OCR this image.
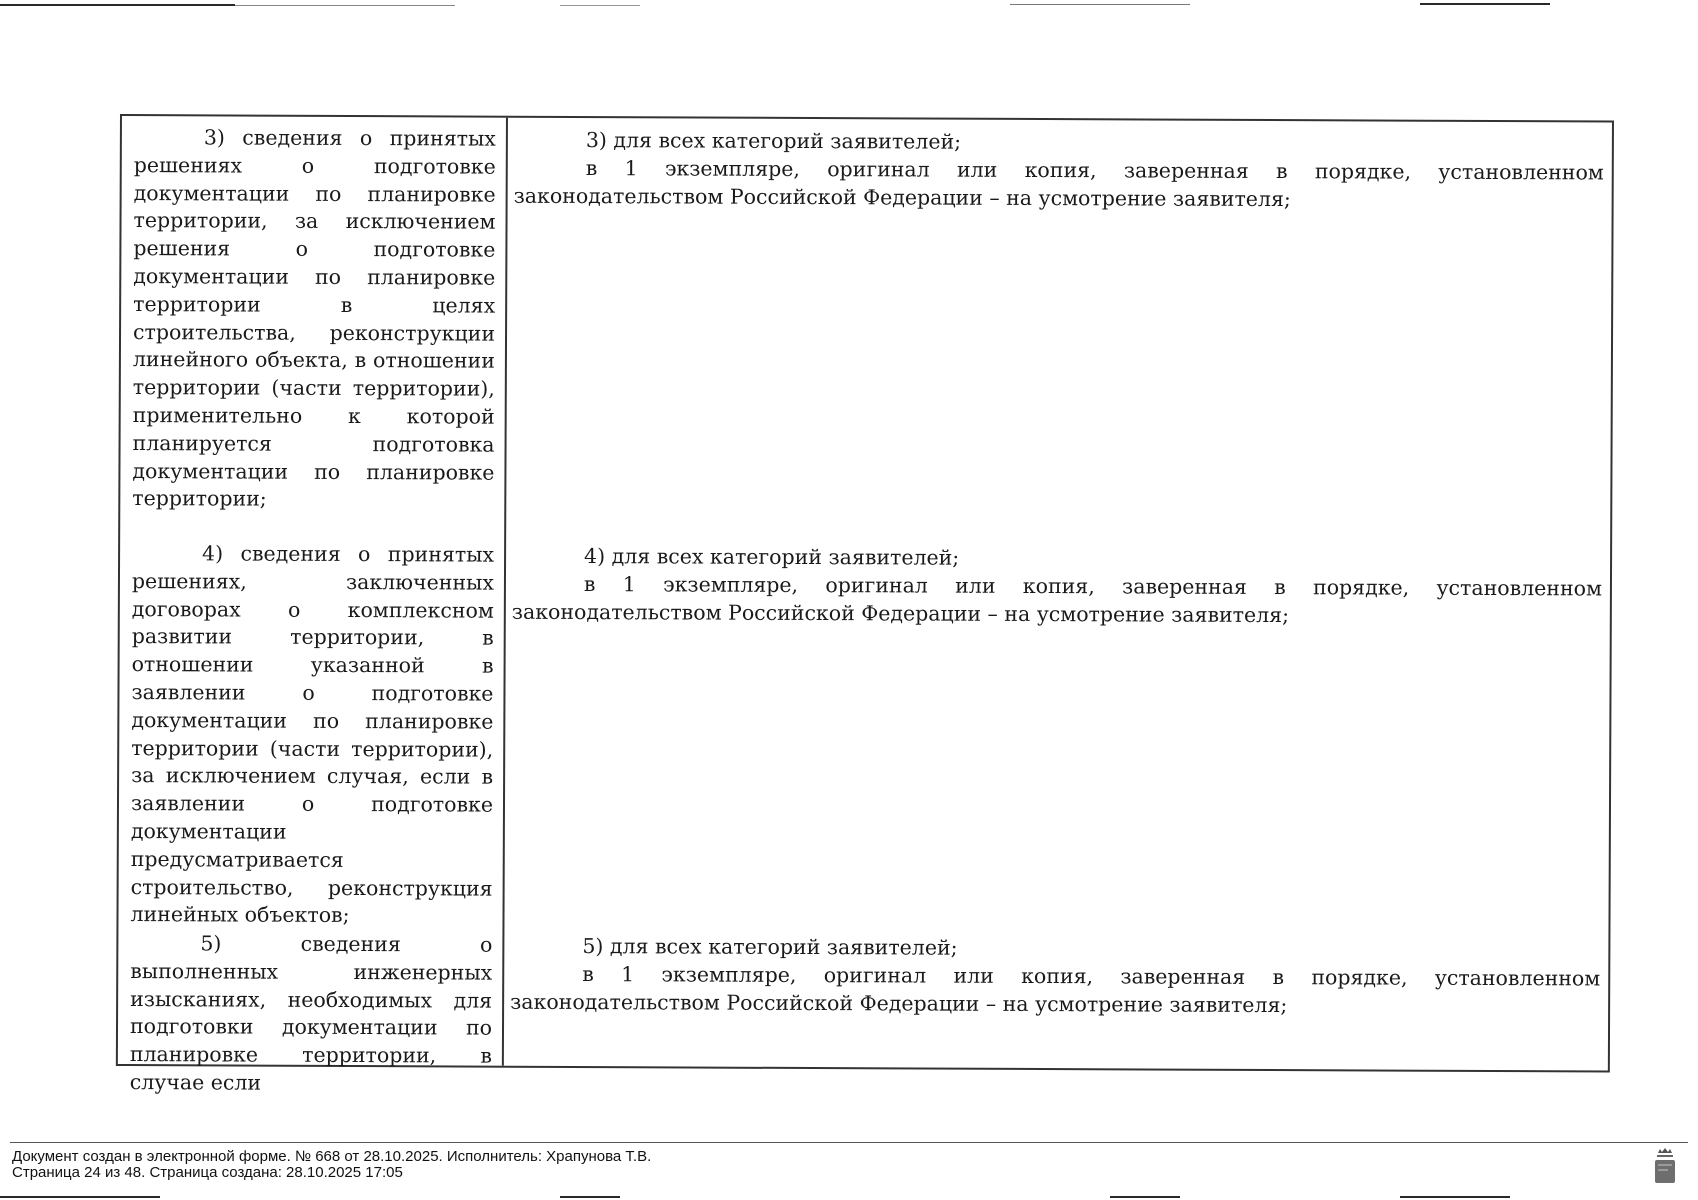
3) сведения о принятых решениях о подготовке документации по планировке территории, за исключением решения о подготовке документации по планировке территории в целях строительства, реконструкции линейного объекта, в отношении территории (части территории), применительно к которой планируется подготовка документации по планировке территории;

3) для всех категорий заявителей;

в 1 экземпляре, оригинал или копия, заверенная в порядке, установленном законодательством Российской Федерации – на усмотрение заявителя;

4) сведения о принятых решениях, заключенных договорах о комплексном развитии территории, в отношении указанной в заявлении о подготовке документации по планировке территории (части территории), за исключением случая, если в заявлении о подготовке документации предусматривается строительство, реконструкция линейных объектов;

4) для всех категорий заявителей;

в 1 экземпляре, оригинал или копия, заверенная в порядке, установленном законодательством Российской Федерации – на усмотрение заявителя;

5) сведения о выполненных инженерных изысканиях, необходимых для подготовки документации по планировке территории, в случае если

5) для всех категорий заявителей;

в 1 экземпляре, оригинал или копия, заверенная в порядке, установленном законодательством Российской Федерации – на усмотрение заявителя;

Документ создан в электронной форме. № 668 от 28.10.2025. Исполнитель: Храпунова Т.В.
Страница 24 из 48. Страница создана: 28.10.2025 17:05
